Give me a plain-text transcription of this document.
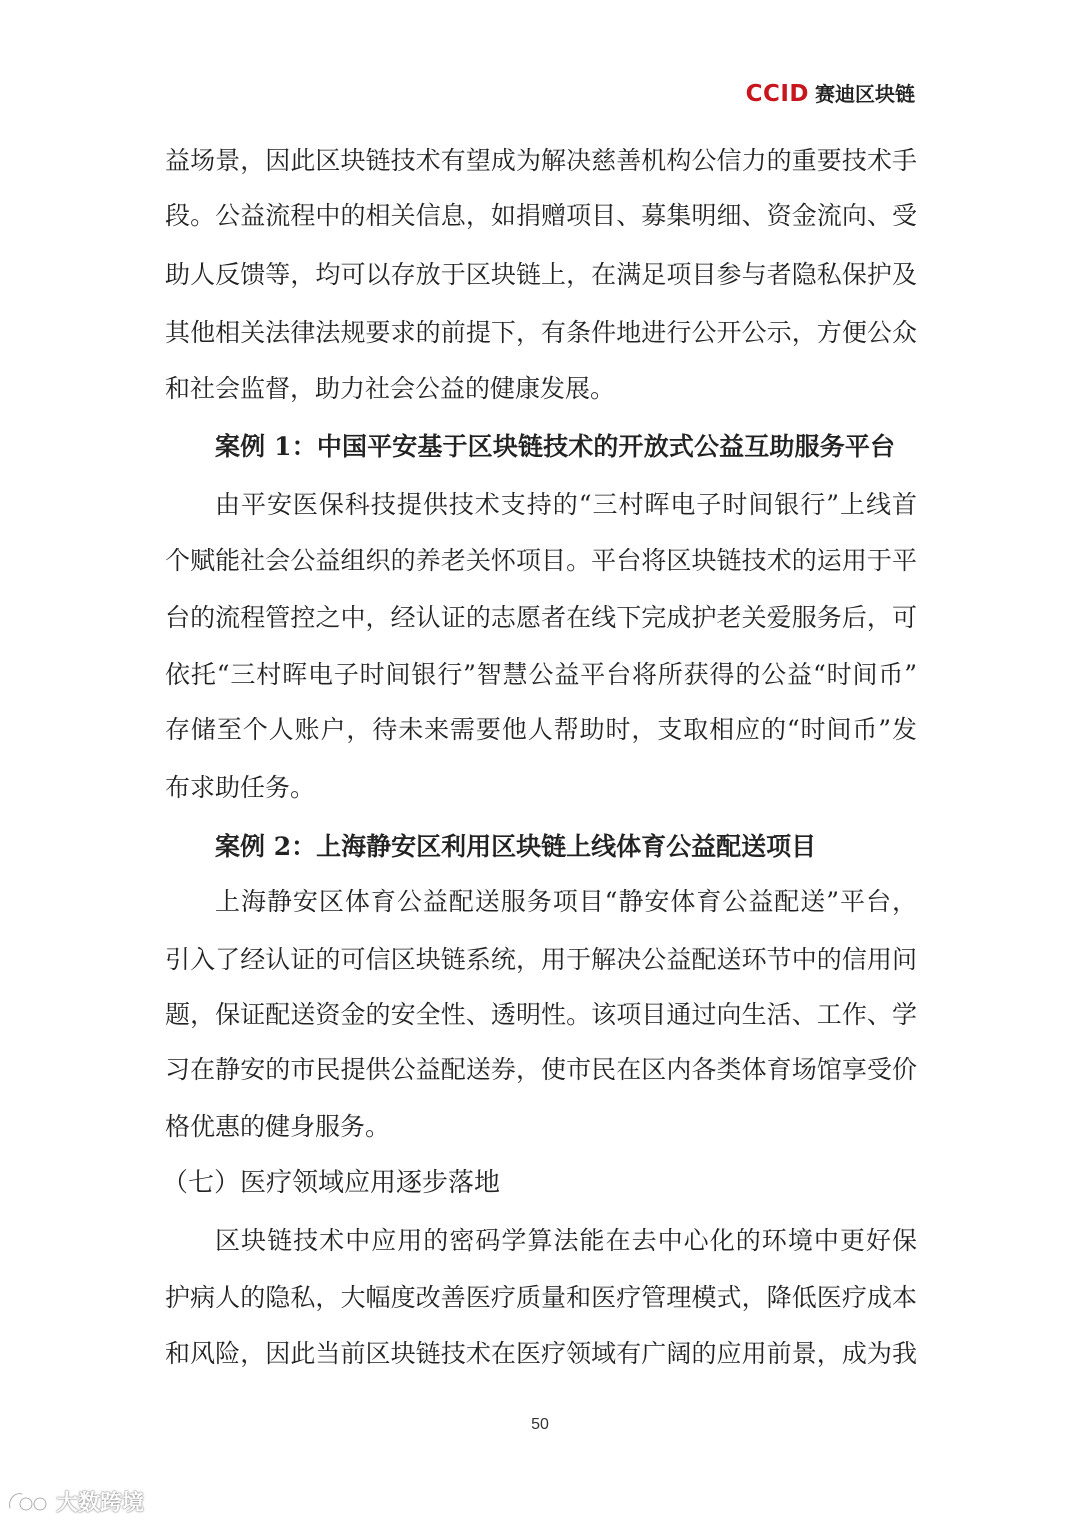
CCID 赛迪区块链
益场景，因此区块链技术有望成为解决慈善机构公信力的重要技术手
段。公益流程中的相关信息，如捐赠项目、募集明细、资金流向、受
助人反馈等，均可以存放于区块链上，在满足项目参与者隐私保护及
其他相关法律法规要求的前提下，有条件地进行公开公示，方便公众
和社会监督，助力社会公益的健康发展。
案例 1：中国平安基于区块链技术的开放式公益互助服务平台
由平安医保科技提供技术支持的“三村晖电子时间银行”上线首
个赋能社会公益组织的养老关怀项目。平台将区块链技术的运用于平
台的流程管控之中，经认证的志愿者在线下完成护老关爱服务后，可
依托“三村晖电子时间银行”智慧公益平台将所获得的公益“时间币”
存储至个人账户，待未来需要他人帮助时，支取相应的“时间币”发
布求助任务。
案例 2：上海静安区利用区块链上线体育公益配送项目
上海静安区体育公益配送服务项目“静安体育公益配送”平台，
引入了经认证的可信区块链系统，用于解决公益配送环节中的信用问
题，保证配送资金的安全性、透明性。该项目通过向生活、工作、学
习在静安的市民提供公益配送券，使市民在区内各类体育场馆享受价
格优惠的健身服务。
（七）医疗领域应用逐步落地
区块链技术中应用的密码学算法能在去中心化的环境中更好保
护病人的隐私，大幅度改善医疗质量和医疗管理模式，降低医疗成本
和风险，因此当前区块链技术在医疗领域有广阔的应用前景，成为我
50
大数跨境
